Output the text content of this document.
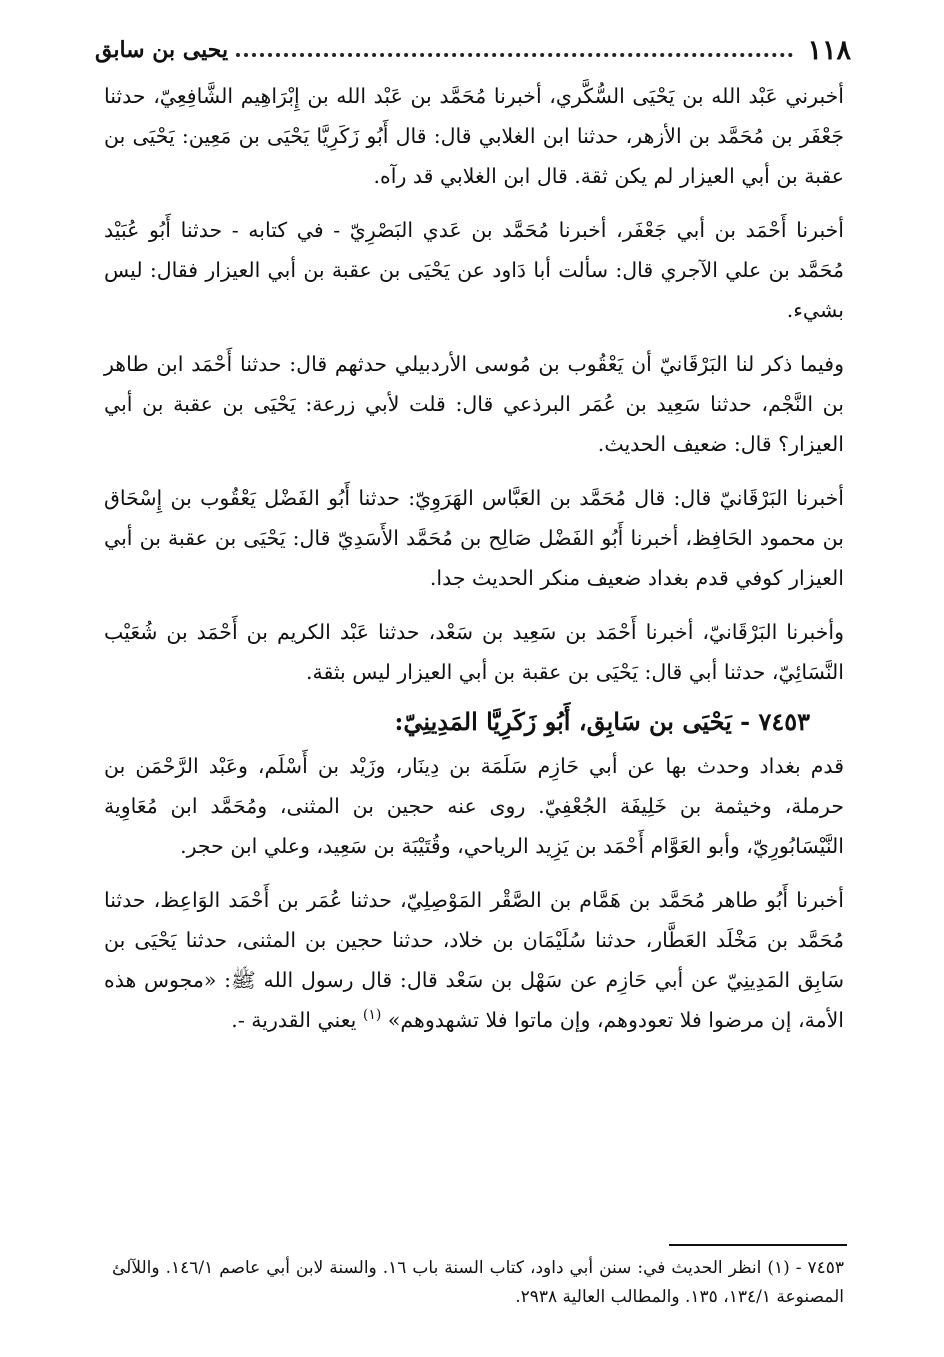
١١٨
يحيى بن سابق

أخبرني عَبْد الله بن يَحْيَى السُّكَّري، أخبرنا مُحَمَّد بن عَبْد الله بن إِبْرَاهِيم الشَّافِعِيّ، حدثنا جَعْفَر بن مُحَمَّد بن الأزهر، حدثنا ابن الغلابي قال: قال أَبُو زَكَرِيَّا يَحْيَى بن مَعِين: يَحْيَى بن عقبة بن أبي العيزار لم يكن ثقة. قال ابن الغلابي قد رآه.

أخبرنا أَحْمَد بن أبي جَعْفَر، أخبرنا مُحَمَّد بن عَدي البَصْرِيّ - في كتابه - حدثنا أَبُو عُبَيْد مُحَمَّد بن علي الآجري قال: سألت أبا دَاود عن يَحْيَى بن عقبة بن أبي العيزار فقال: ليس بشيء.

وفيما ذكر لنا البَرْقَانيّ أن يَعْقُوب بن مُوسى الأردبيلي حدثهم قال: حدثنا أَحْمَد ابن طاهر بن النَّجْم، حدثنا سَعِيد بن عُمَر البرذعي قال: قلت لأبي زرعة: يَحْيَى بن عقبة بن أبي العيزار؟ قال: ضعيف الحديث.

أخبرنا البَرْقَانيّ قال: قال مُحَمَّد بن العَبَّاس الهَرَوِيّ: حدثنا أَبُو الفَضْل يَعْقُوب بن إِسْحَاق بن محمود الحَافِظ، أخبرنا أَبُو الفَضْل صَالِح بن مُحَمَّد الأَسَدِيّ قال: يَحْيَى بن عقبة بن أبي العيزار كوفي قدم بغداد ضعيف منكر الحديث جدا.

وأخبرنا البَرْقَانيّ، أخبرنا أَحْمَد بن سَعِيد بن سَعْد، حدثنا عَبْد الكريم بن أَحْمَد بن شُعَيْب النَّسَائِيّ، حدثنا أبي قال: يَحْيَى بن عقبة بن أبي العيزار ليس بثقة.

٧٤٥٣ - يَحْيَى بن سَابِق، أَبُو زَكَرِيَّا المَدِينِيّ:

قدم بغداد وحدث بها عن أبي حَازِم سَلَمَة بن دِينَار، وزَيْد بن أَسْلَم، وعَبْد الرَّحْمَن بن حرملة، وخيثمة بن خَلِيفَة الجُعْفِيّ. روى عنه حجين بن المثنى، ومُحَمَّد ابن مُعَاوِية النَّيْسَابُورِيّ، وأبو العَوَّام أَحْمَد بن يَزِيد الرياحي، وقُتَيْبَة بن سَعِيد، وعلي ابن حجر.

أخبرنا أَبُو طاهر مُحَمَّد بن هَمَّام بن الصَّقْر المَوْصِلِيّ، حدثنا عُمَر بن أَحْمَد الوَاعِظ، حدثنا مُحَمَّد بن مَخْلَد العَطَّار، حدثنا سُلَيْمَان بن خلاد، حدثنا حجين بن المثنى، حدثنا يَحْيَى بن سَابِق المَدِينِيّ عن أبي حَازِم عن سَهْل بن سَعْد قال: قال رسول الله ﷺ: «مجوس هذه الأمة، إن مرضوا فلا تعودوهم، وإن ماتوا فلا تشهدوهم» $^{(١)}$ يعني القدرية -.

٧٤٥٣ - (١) انظر الحديث في: سنن أبي داود، كتاب السنة باب ١٦. والسنة لابن أبي عاصم ١٤٦/١. واللآلئ المصنوعة ١٣٤/١، ١٣٥. والمطالب العالية ٢٩٣٨.
